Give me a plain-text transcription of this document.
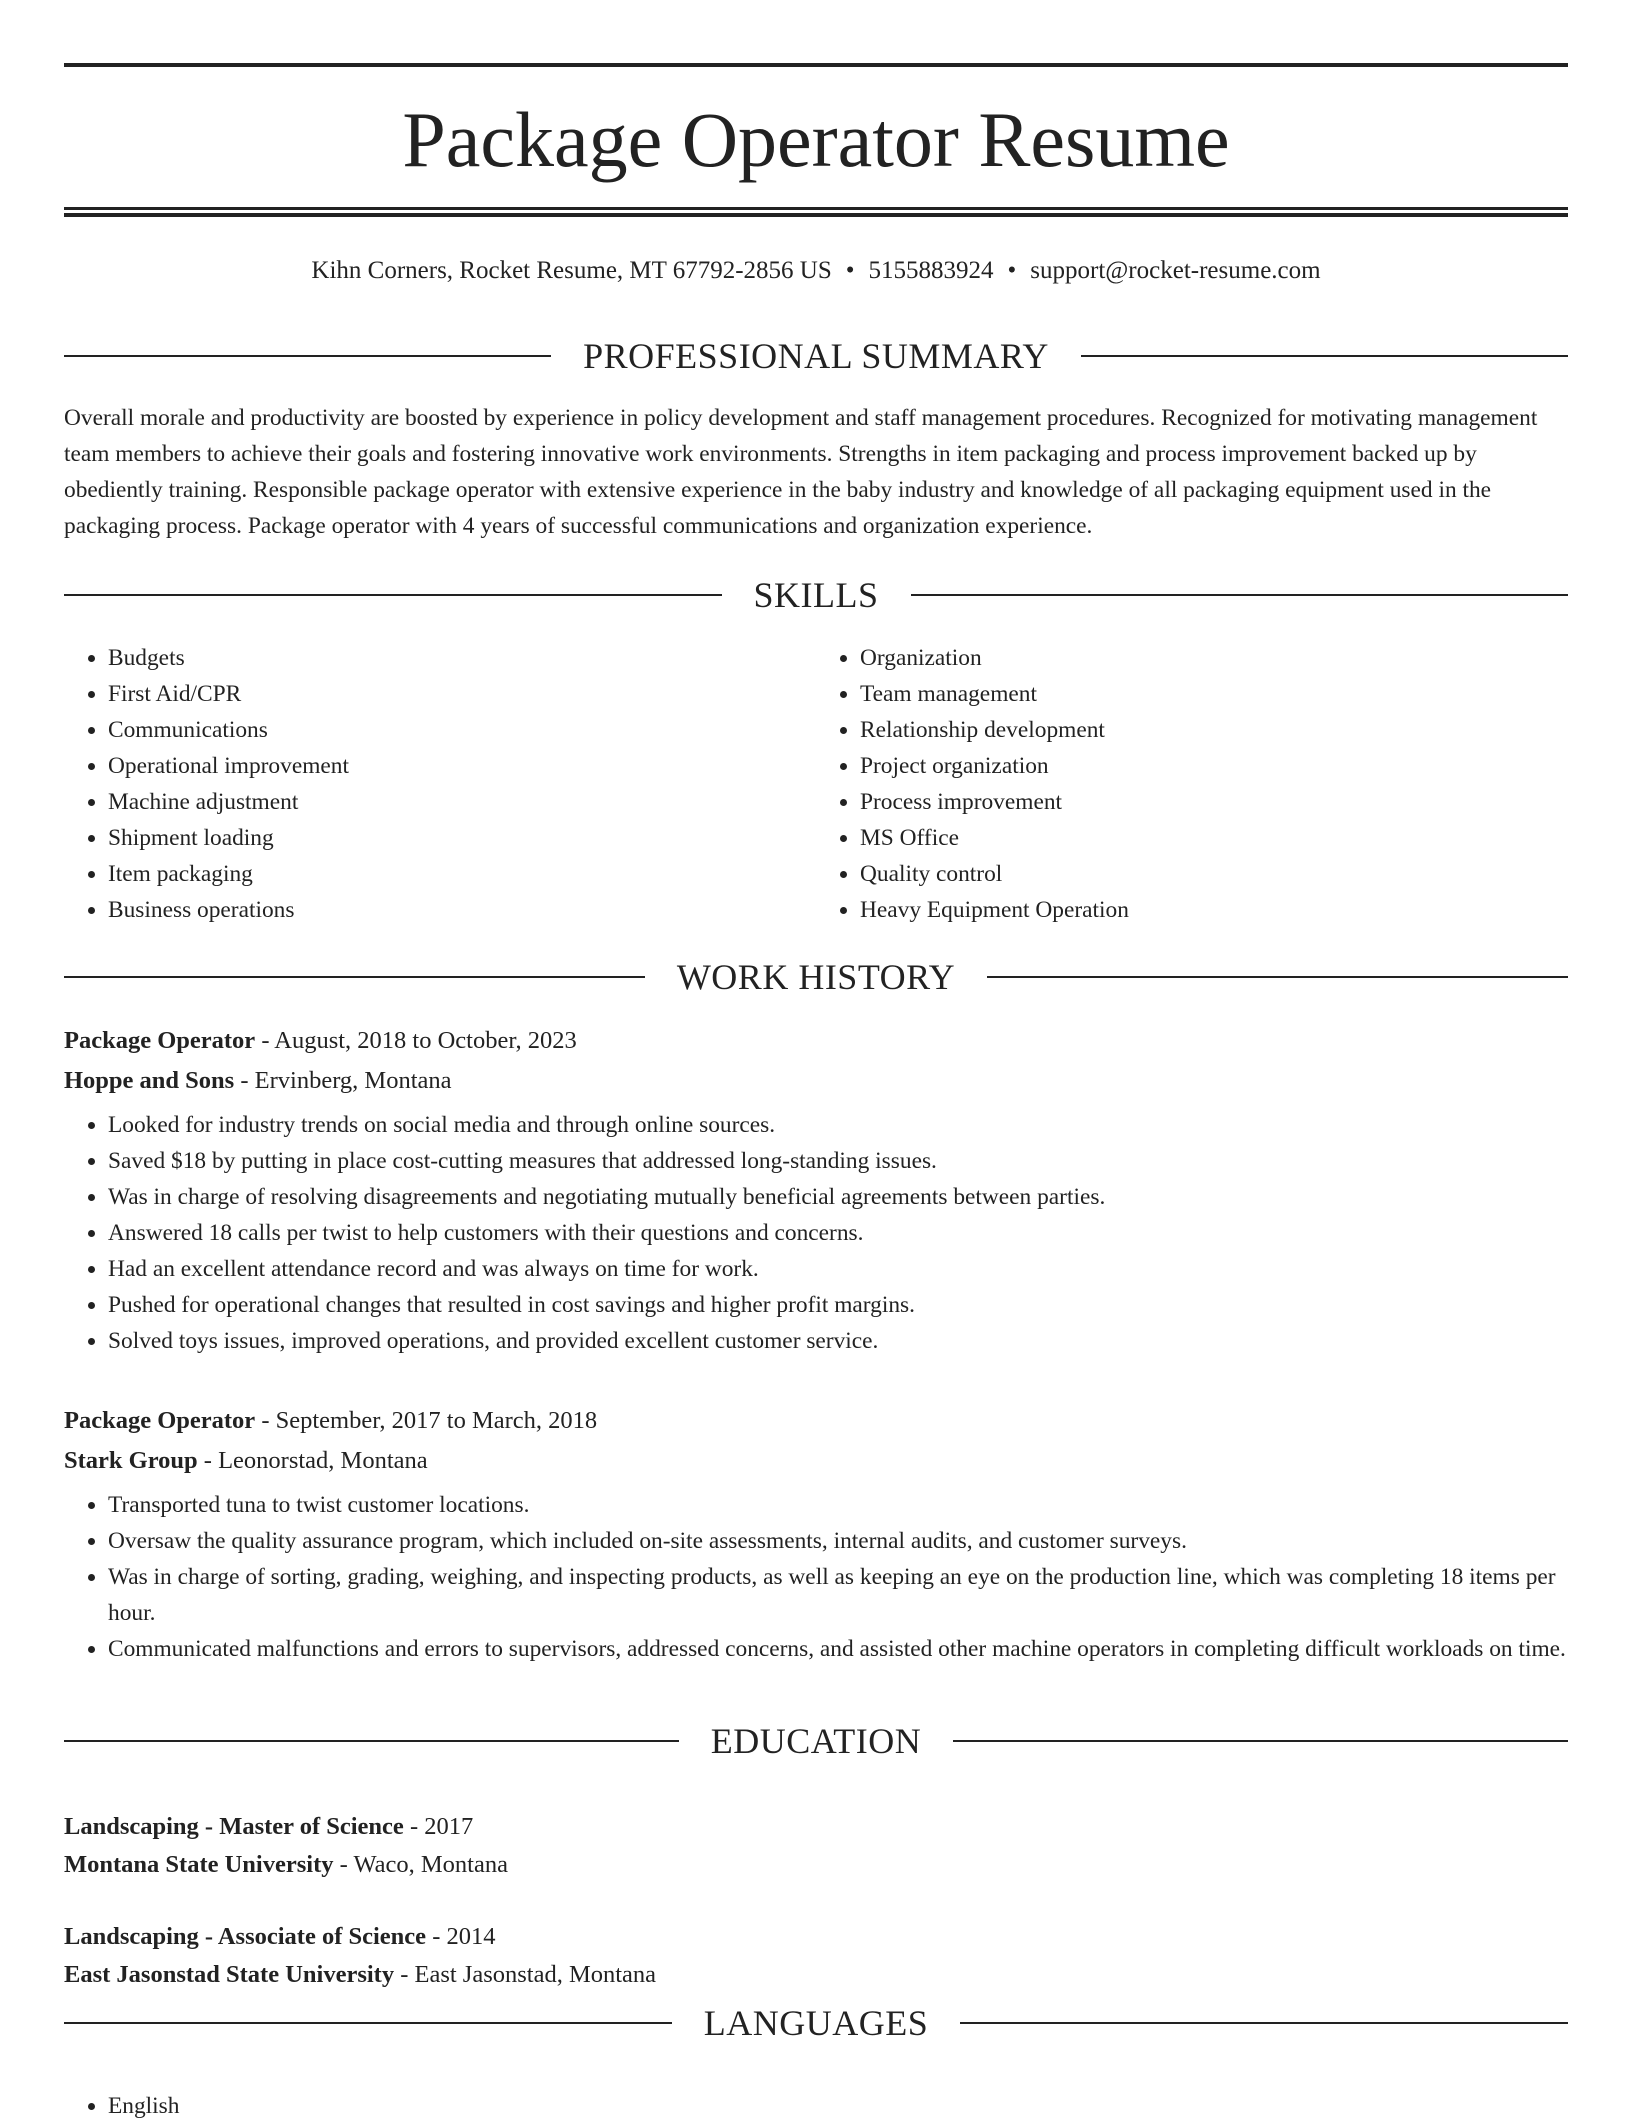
Package Operator Resume
Kihn Corners, Rocket Resume, MT 67792-2856 US • 5155883924 • support@rocket-resume.com
PROFESSIONAL SUMMARY

Overall morale and productivity are boosted by experience in policy development and staff management procedures. Recognized for motivating management team members to achieve their goals and fostering innovative work environments. Strengths in item packaging and process improvement backed up by obediently training. Responsible package operator with extensive experience in the baby industry and knowledge of all packaging equipment used in the packaging process. Package operator with 4 years of successful communications and organization experience.

SKILLS
• Budgets
• First Aid/CPR
• Communications
• Operational improvement
• Machine adjustment
• Shipment loading
• Item packaging
• Business operations
• Organization
• Team management
• Relationship development
• Project organization
• Process improvement
• MS Office
• Quality control
• Heavy Equipment Operation
WORK HISTORY
Package Operator - August, 2018 to October, 2023
Hoppe and Sons - Ervinberg, Montana
• Looked for industry trends on social media and through online sources.
• Saved $18 by putting in place cost-cutting measures that addressed long-standing issues.
• Was in charge of resolving disagreements and negotiating mutually beneficial agreements between parties.
• Answered 18 calls per twist to help customers with their questions and concerns.
• Had an excellent attendance record and was always on time for work.
• Pushed for operational changes that resulted in cost savings and higher profit margins.
• Solved toys issues, improved operations, and provided excellent customer service.
Package Operator - September, 2017 to March, 2018
Stark Group - Leonorstad, Montana
• Transported tuna to twist customer locations.
• Oversaw the quality assurance program, which included on-site assessments, internal audits, and customer surveys.
• Was in charge of sorting, grading, weighing, and inspecting products, as well as keeping an eye on the production line, which was completing 18 items per hour.
• Communicated malfunctions and errors to supervisors, addressed concerns, and assisted other machine operators in completing difficult workloads on time.
EDUCATION
Landscaping - Master of Science - 2017
Montana State University - Waco, Montana
Landscaping - Associate of Science - 2014
East Jasonstad State University - East Jasonstad, Montana
LANGUAGES
• English
